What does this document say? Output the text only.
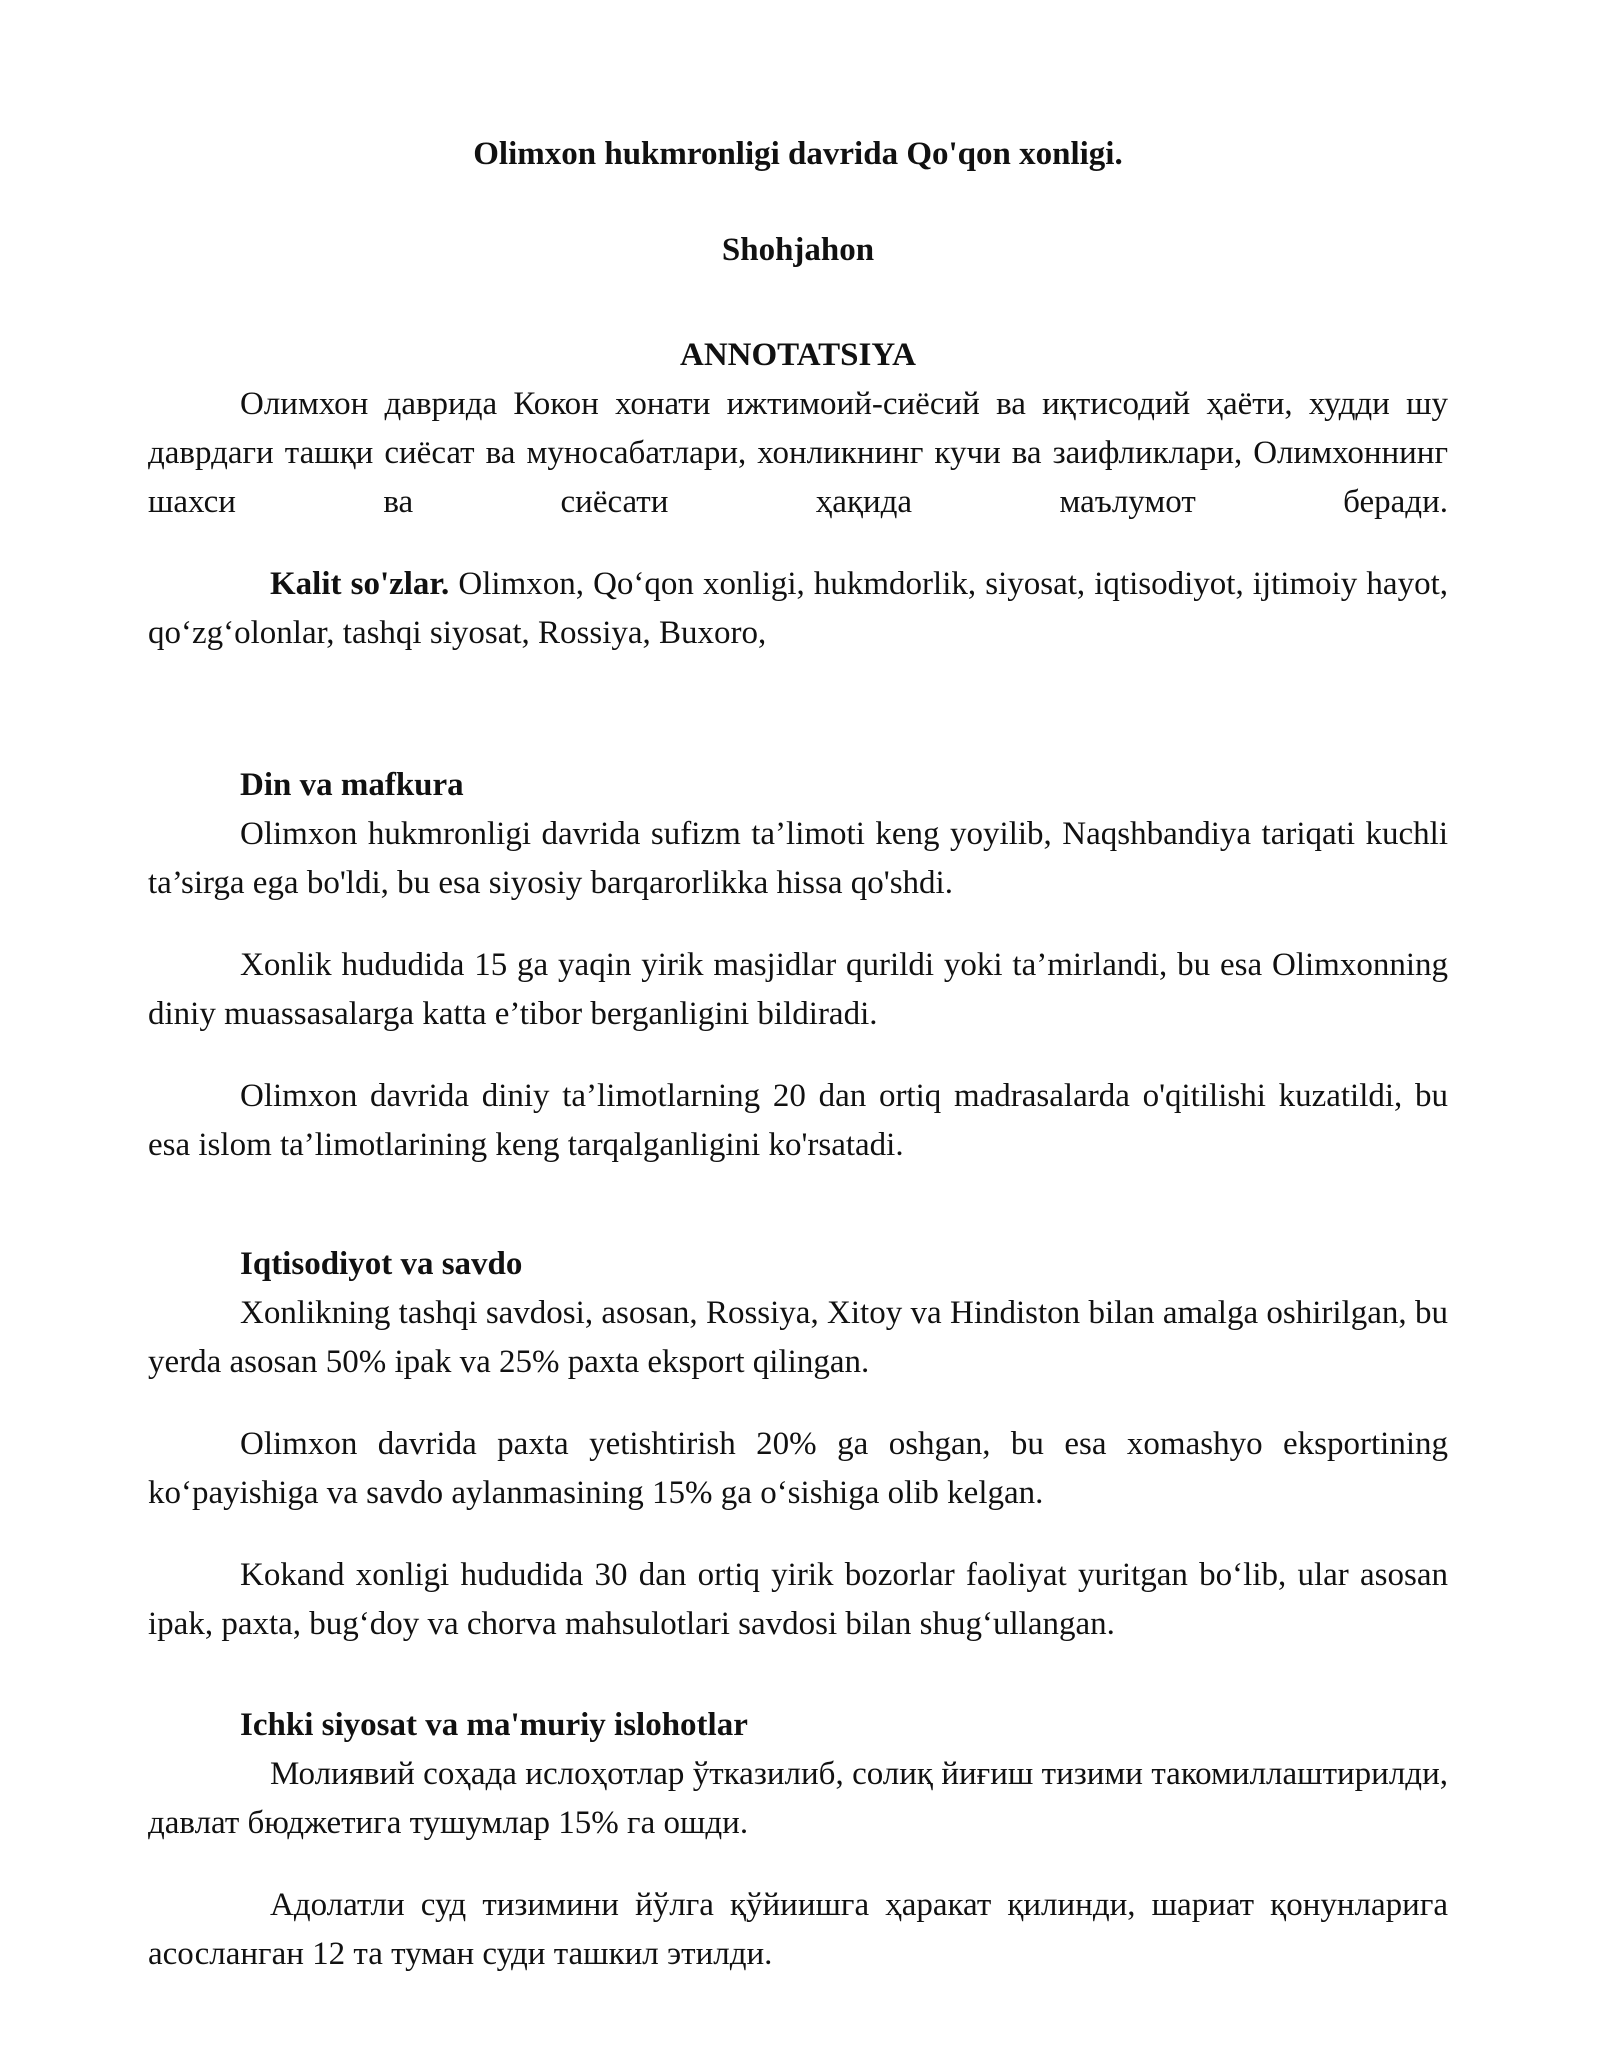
Olimxon hukmronligi davrida Qo'qon xonligi.

Shohjahon

ANNOTATSIYA

Олимхон даврида Кокон хонати ижтимоий-сиёсий ва иқтисодий ҳаёти, худди шу даврдаги ташқи сиёсат ва муносабатлари, хонликнинг кучи ва заифликлари, Олимхоннинг шахси ва сиёсати ҳақида маълумот беради.

Kalit so'zlar. Olimxon, Qo‘qon xonligi, hukmdorlik, siyosat, iqtisodiyot, ijtimoiy hayot, qo‘zg‘olonlar, tashqi siyosat, Rossiya, Buxoro,

Din va mafkura

Olimxon hukmronligi davrida sufizm ta’limoti keng yoyilib, Naqshbandiya tariqati kuchli ta’sirga ega bo'ldi, bu esa siyosiy barqarorlikka hissa qo'shdi.

Xonlik hududida 15 ga yaqin yirik masjidlar qurildi yoki ta’mirlandi, bu esa Olimxonning diniy muassasalarga katta e’tibor berganligini bildiradi.

Olimxon davrida diniy ta’limotlarning 20 dan ortiq madrasalarda o'qitilishi kuzatildi, bu esa islom ta’limotlarining keng tarqalganligini ko'rsatadi.

Iqtisodiyot va savdo

Xonlikning tashqi savdosi, asosan, Rossiya, Xitoy va Hindiston bilan amalga oshirilgan, bu yerda asosan 50% ipak va 25% paxta eksport qilingan.

Olimxon davrida paxta yetishtirish 20% ga oshgan, bu esa xomashyo eksportining ko‘payishiga va savdo aylanmasining 15% ga o‘sishiga olib kelgan.

Kokand xonligi hududida 30 dan ortiq yirik bozorlar faoliyat yuritgan bo‘lib, ular asosan ipak, paxta, bug‘doy va chorva mahsulotlari savdosi bilan shug‘ullangan.

Ichki siyosat va ma'muriy islohotlar

Молиявий соҳада ислоҳотлар ўтказилиб, солиқ йиғиш тизими такомиллаштирилди, давлат бюджетига тушумлар 15% га ошди.

Адолатли суд тизимини йўлга қўйиишга ҳаракат қилинди, шариат қонунларига асосланган 12 та туман суди ташкил этилди.
